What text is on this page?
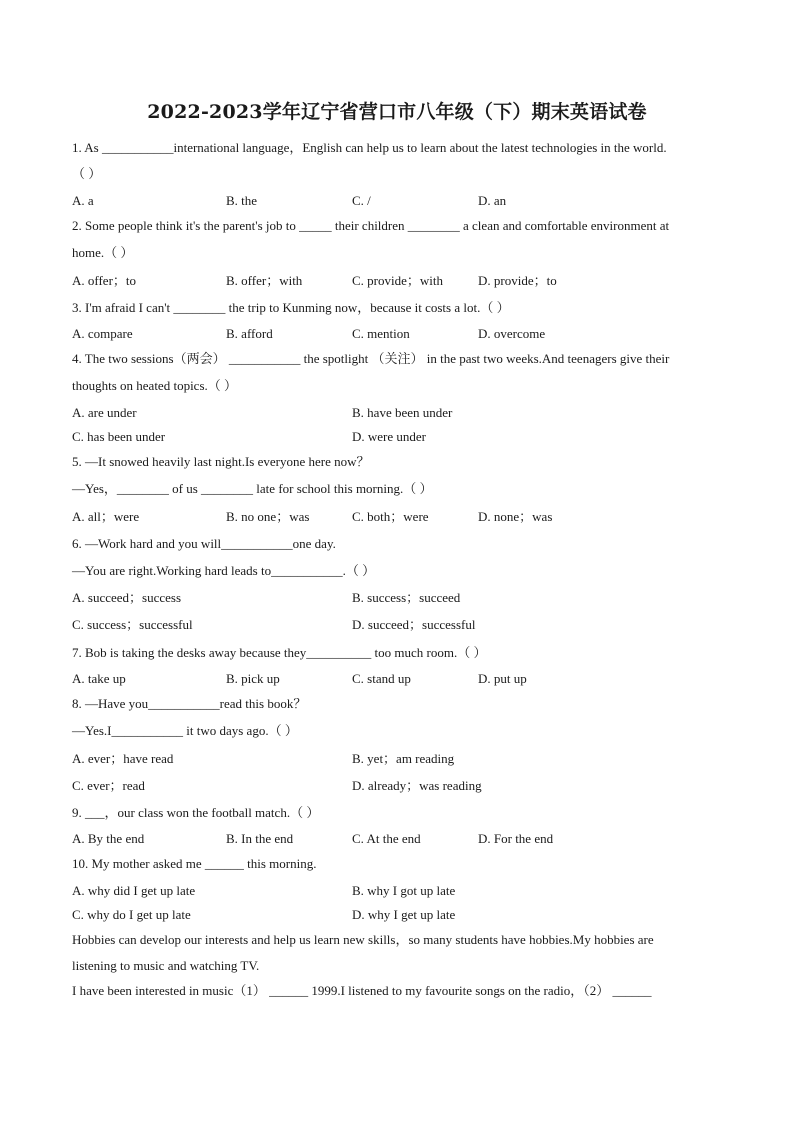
2022-2023学年辽宁省营口市八年级（下）期末英语试卷
1. As ___________international language，English can help us to learn about the latest technologies in the world.
（ ）
A. a	B. the	C. /	D. an
2. Some people think it's the parent's job to _____ their children ________ a clean and comfortable environment at
home.（ ）
A. offer；to	B. offer；with	C. provide；with	D. provide；to
3. I'm afraid I can't ________ the trip to Kunming now，because it costs a lot.（ ）
A. compare	B. afford	C. mention	D. overcome
4. The two sessions（两会） ___________ the spotlight （关注） in the past two weeks.And teenagers give their
thoughts on heated topics.（ ）
A. are under	B. have been under
C. has been under	D. were under
5. —It snowed heavily last night.Is everyone here now？
—Yes，________ of us ________ late for school this morning.（ ）
A. all；were	B. no one；was	C. both；were	D. none；was
6. —Work hard and you will___________one day.
—You are right.Working hard leads to___________.（ ）
A. succeed；success	B. success；succeed
C. success；successful	D. succeed；successful
7. Bob is taking the desks away because they__________ too much room.（ ）
A. take up	B. pick up	C. stand up	D. put up
8. —Have you___________read this book？
—Yes.I___________ it two days ago.（ ）
A. ever；have read	B. yet；am reading
C. ever；read	D. already；was reading
9. ___，our class won the football match.（ ）
A. By the end	B. In the end	C. At the end	D. For the end
10. My mother asked me ______ this morning.
A. why did I get up late	B. why I got up late
C. why do I get up late	D. why I get up late
Hobbies can develop our interests and help us learn new skills，so many students have hobbies.My hobbies are
listening to music and watching TV.
I have been interested in music（1） ______ 1999.I listened to my favourite songs on the radio，（2） ______
